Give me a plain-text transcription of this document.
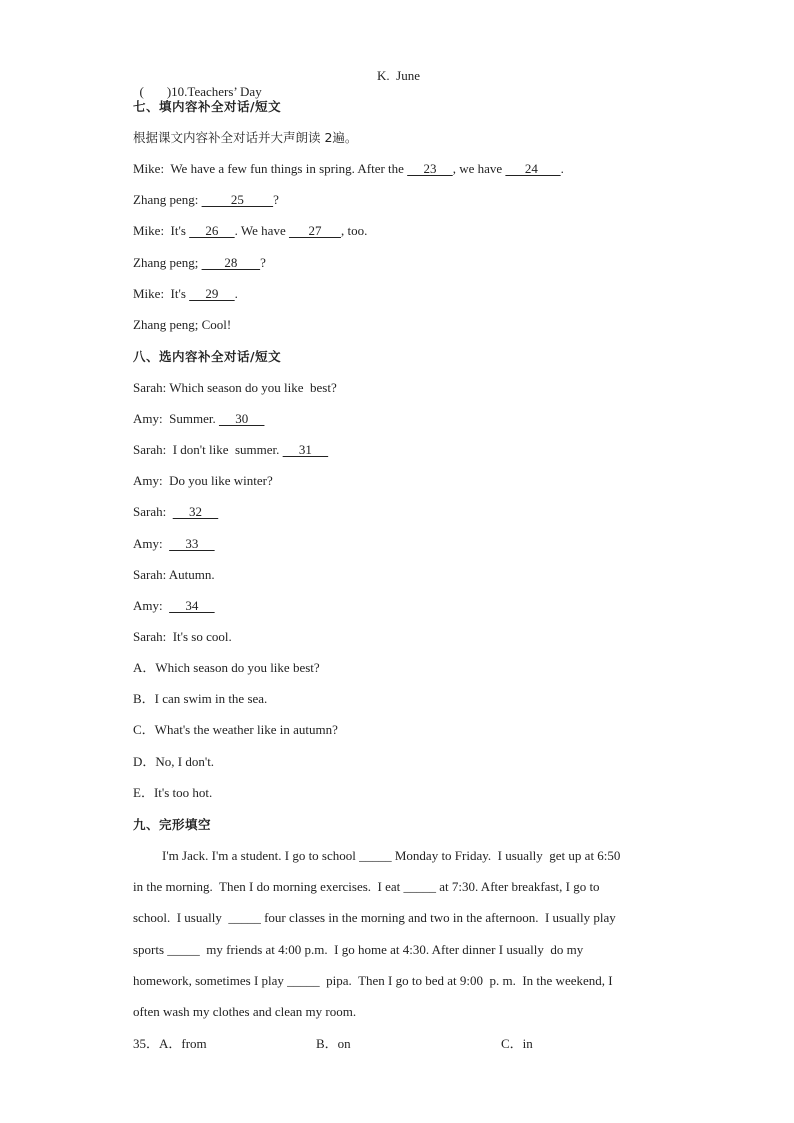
( )10.Teachers’ Day

K.  June
七、填内容补全对话/短文
根据课文内容补全对话并大声朗读 2遍。
Mike:  We have a few fun things in spring. After the      23     , we have       24       .
Zhang peng:          25         ?
Mike:  It's      26     . We have       27      , too.
Zhang peng;        28       ?
Mike:  It's      29     .
Zhang peng; Cool!
八、选内容补全对话/短文
Sarah: Which season do you like  best?
Amy:  Summer.      30
Sarah:  I don't like  summer.      31
Amy:  Do you like winter?
Sarah:       32
Amy:       33
Sarah: Autumn.
Amy:       34
Sarah:  It's so cool.
A．Which season do you like best?
B．I can swim in the sea.
C．What's the weather like in autumn?
D．No, I don't.
E．It's too hot.
九、完形填空
I'm Jack. I'm a student. I go to school _____ Monday to Friday.  I usually  get up at 6:50
in the morning.  Then I do morning exercises.  I eat _____ at 7:30. After breakfast, I go to
school.  I usually  _____ four classes in the morning and two in the afternoon.  I usually play
sports _____  my friends at 4:00 p.m.  I go home at 4:30. After dinner I usually  do my
homework, sometimes I play _____  pipa.  Then I go to bed at 9:00  p. m.  In the weekend, I
often wash my clothes and clean my room.
35．A．from	B．on	C．in
